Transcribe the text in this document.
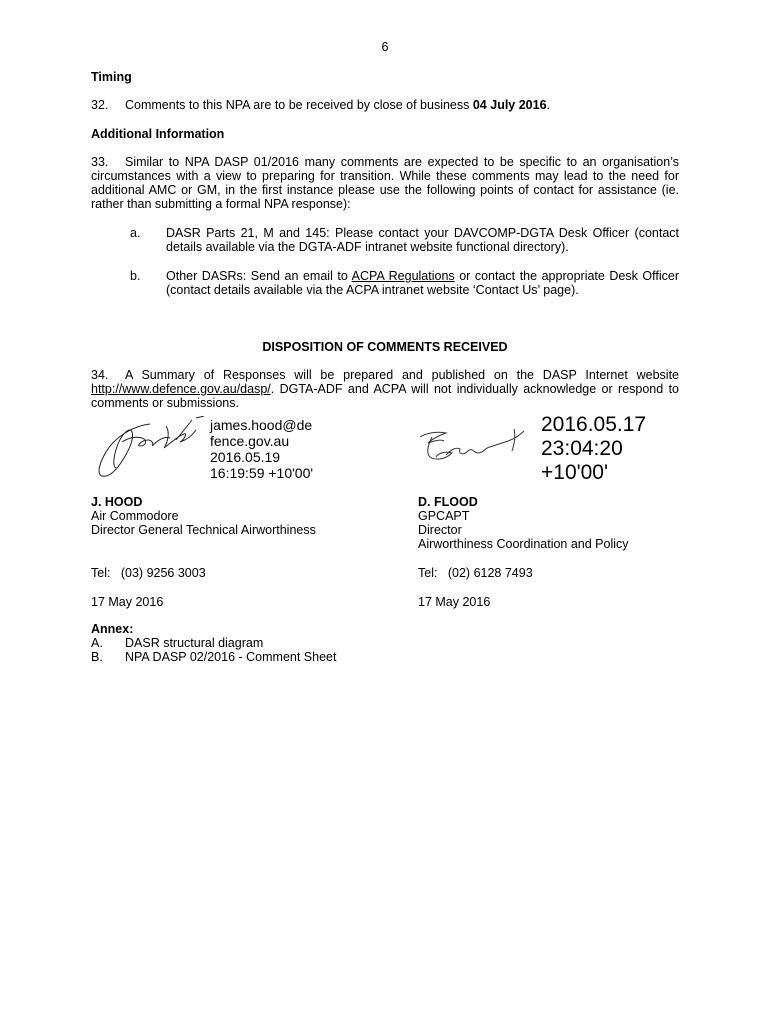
6
Timing
32. Comments to this NPA are to be received by close of business 04 July 2016.
Additional Information
33. Similar to NPA DASP 01/2016 many comments are expected to be specific to an organisation’s circumstances with a view to preparing for transition. While these comments may lead to the need for additional AMC or GM, in the first instance please use the following points of contact for assistance (ie. rather than submitting a formal NPA response):
a. DASR Parts 21, M and 145: Please contact your DAVCOMP-DGTA Desk Officer (contact details available via the DGTA-ADF intranet website functional directory).
b. Other DASRs: Send an email to ACPA Regulations or contact the appropriate Desk Officer (contact details available via the ACPA intranet website ‘Contact Us’ page).
DISPOSITION OF COMMENTS RECEIVED
34. A Summary of Responses will be prepared and published on the DASP Internet website http://www.defence.gov.au/dasp/. DGTA-ADF and ACPA will not individually acknowledge or respond to comments or submissions.
james.hood@de
fence.gov.au
2016.05.19
16:19:59 +10'00'
J. HOOD
Air Commodore
Director General Technical Airworthiness
Tel:   (03) 9256 3003
17 May 2016
2016.05.17
23:04:20
+10'00'
D. FLOOD
GPCAPT
Director
Airworthiness Coordination and Policy
Tel:   (02) 6128 7493
17 May 2016
Annex:
A. DASR structural diagram
B. NPA DASP 02/2016 - Comment Sheet
